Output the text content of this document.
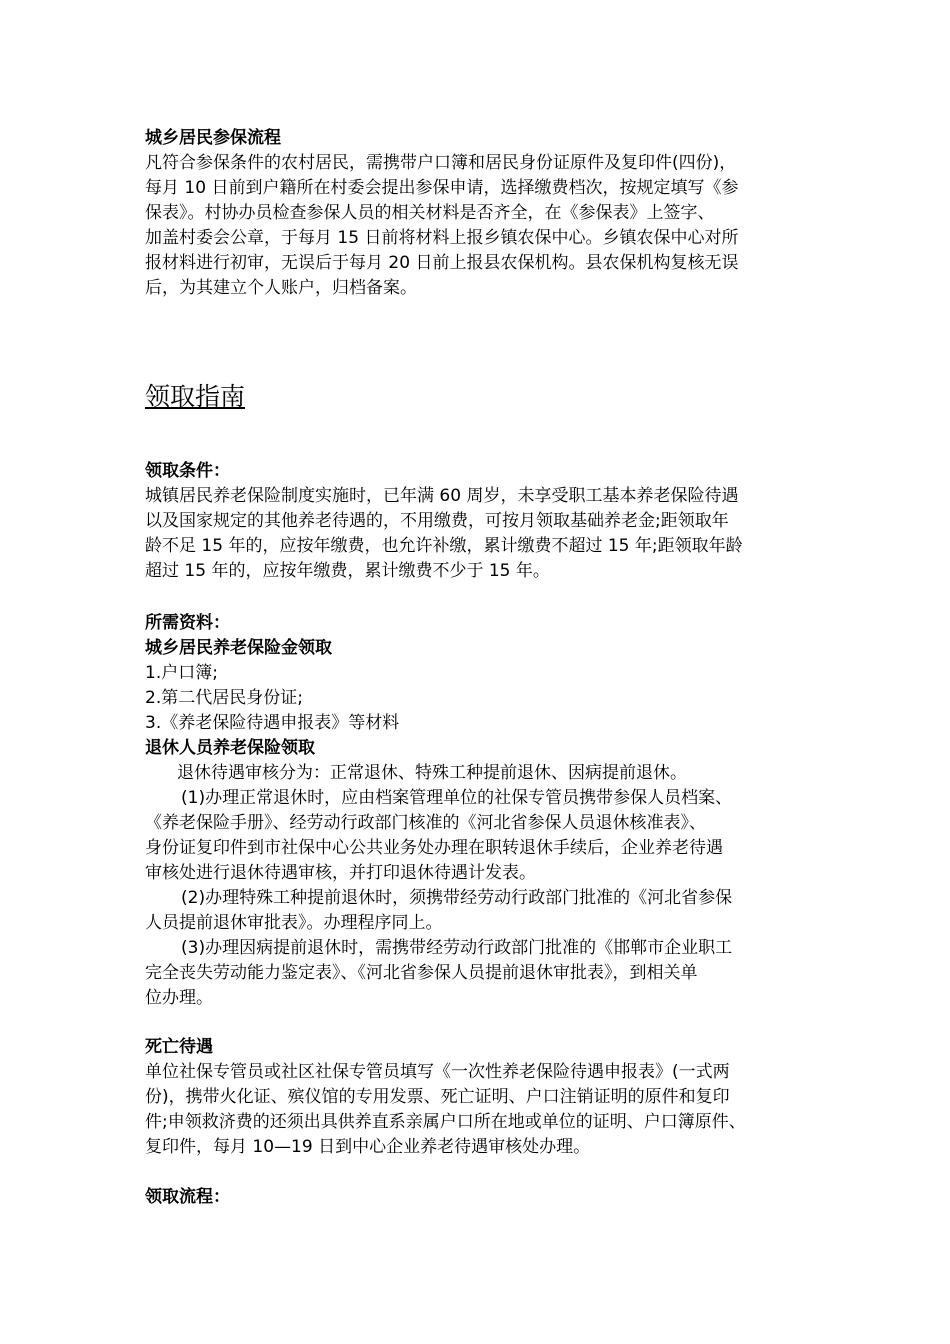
城乡居民参保流程
凡符合参保条件的农村居民，需携带户口簿和居民身份证原件及复印件(四份)，
每月 10 日前到户籍所在村委会提出参保申请，选择缴费档次，按规定填写《参
保表》。村协办员检查参保人员的相关材料是否齐全，在《参保表》上签字、
加盖村委会公章，于每月 15 日前将材料上报乡镇农保中心。乡镇农保中心对所
报材料进行初审，无误后于每月 20 日前上报县农保机构。县农保机构复核无误
后，为其建立个人账户，归档备案。
领取指南
领取条件：
城镇居民养老保险制度实施时，已年满 60 周岁，未享受职工基本养老保险待遇
以及国家规定的其他养老待遇的，不用缴费，可按月领取基础养老金;距领取年
龄不足 15 年的，应按年缴费，也允许补缴，累计缴费不超过 15 年;距领取年龄
超过 15 年的，应按年缴费，累计缴费不少于 15 年。
所需资料：
城乡居民养老保险金领取
1.户口簿;
2.第二代居民身份证;
3.《养老保险待遇申报表》等材料
退休人员养老保险领取
退休待遇审核分为：正常退休、特殊工种提前退休、因病提前退休。
(1)办理正常退休时，应由档案管理单位的社保专管员携带参保人员档案、
《养老保险手册》、经劳动行政部门核准的《河北省参保人员退休核准表》、
身份证复印件到市社保中心公共业务处办理在职转退休手续后，企业养老待遇
审核处进行退休待遇审核，并打印退休待遇计发表。
(2)办理特殊工种提前退休时，须携带经劳动行政部门批准的《河北省参保
人员提前退休审批表》。办理程序同上。
(3)办理因病提前退休时，需携带经劳动行政部门批准的《邯郸市企业职工
完全丧失劳动能力鉴定表》、《河北省参保人员提前退休审批表》，到相关单
位办理。
死亡待遇
单位社保专管员或社区社保专管员填写《一次性养老保险待遇申报表》(一式两
份)，携带火化证、殡仪馆的专用发票、死亡证明、户口注销证明的原件和复印
件;申领救济费的还须出具供养直系亲属户口所在地或单位的证明、户口簿原件、
复印件，每月 10—19 日到中心企业养老待遇审核处办理。
领取流程：
